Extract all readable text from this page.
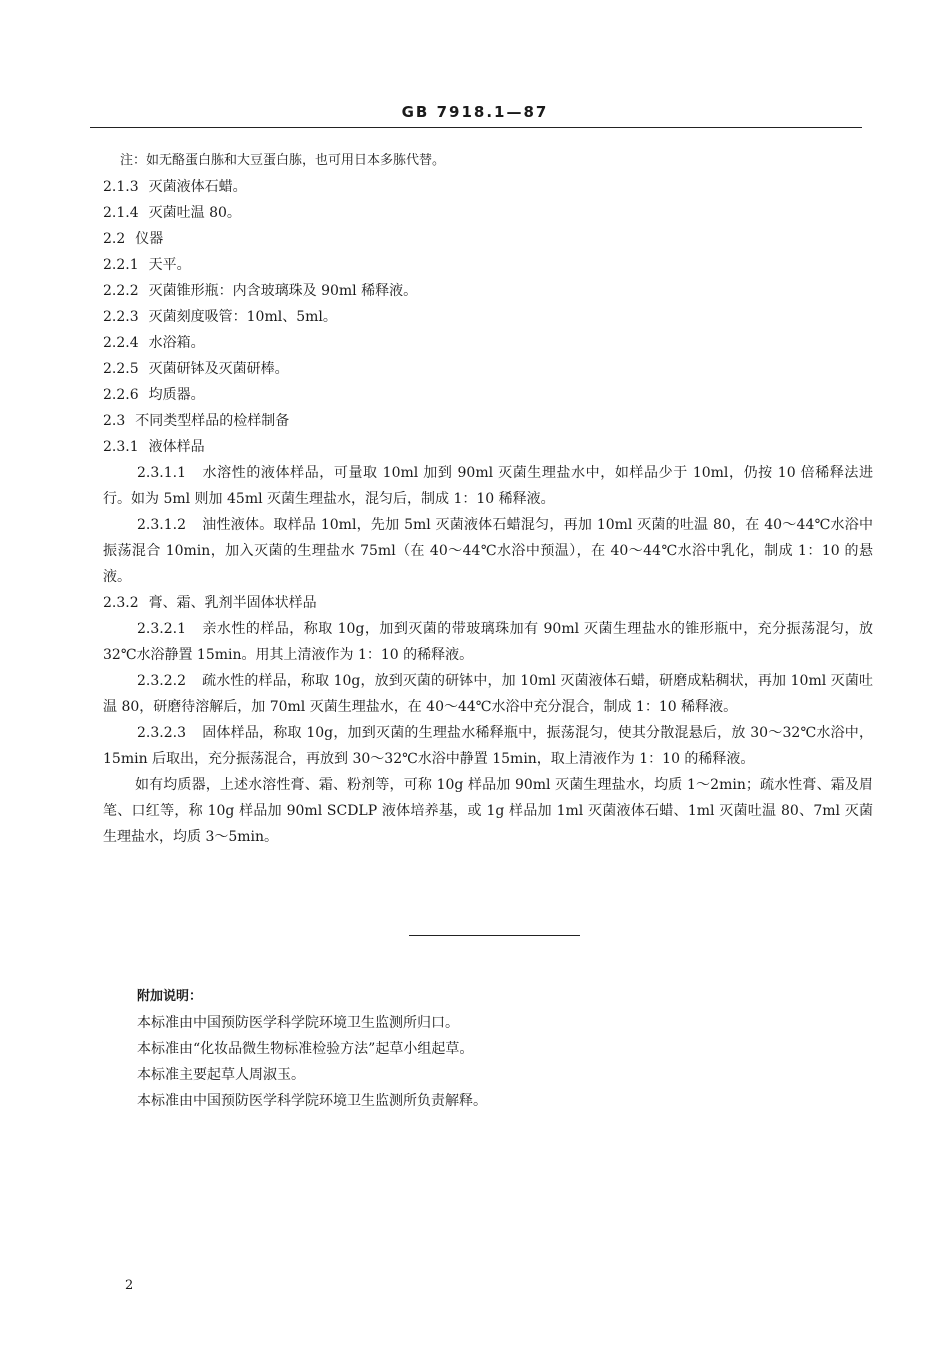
GB 7918.1—87
注：如无酪蛋白胨和大豆蛋白胨，也可用日本多胨代替。
2.1.3 灭菌液体石蜡。
2.1.4 灭菌吐温 80。
2.2 仪器
2.2.1 天平。
2.2.2 灭菌锥形瓶：内含玻璃珠及 90ml 稀释液。
2.2.3 灭菌刻度吸管：10ml、5ml。
2.2.4 水浴箱。
2.2.5 灭菌研钵及灭菌研棒。
2.2.6 均质器。
2.3 不同类型样品的检样制备
2.3.1 液体样品
2.3.1.1 水溶性的液体样品，可量取 10ml 加到 90ml 灭菌生理盐水中，如样品少于 10ml，仍按 10 倍稀释法进行。如为 5ml 则加 45ml 灭菌生理盐水，混匀后，制成 1：10 稀释液。
2.3.1.2 油性液体。取样品 10ml，先加 5ml 灭菌液体石蜡混匀，再加 10ml 灭菌的吐温 80，在 40～44℃水浴中振荡混合 10min，加入灭菌的生理盐水 75ml（在 40～44℃水浴中预温），在 40～44℃水浴中乳化，制成 1：10 的悬液。
2.3.2 膏、霜、乳剂半固体状样品
2.3.2.1 亲水性的样品，称取 10g，加到灭菌的带玻璃珠加有 90ml 灭菌生理盐水的锥形瓶中，充分振荡混匀，放 32℃水浴静置 15min。用其上清液作为 1：10 的稀释液。
2.3.2.2 疏水性的样品，称取 10g，放到灭菌的研钵中，加 10ml 灭菌液体石蜡，研磨成粘稠状，再加 10ml 灭菌吐温 80，研磨待溶解后，加 70ml 灭菌生理盐水，在 40～44℃水浴中充分混合，制成 1：10 稀释液。
2.3.2.3 固体样品，称取 10g，加到灭菌的生理盐水稀释瓶中，振荡混匀，使其分散混悬后，放 30～32℃水浴中，15min 后取出，充分振荡混合，再放到 30～32℃水浴中静置 15min，取上清液作为 1：10 的稀释液。
如有均质器，上述水溶性膏、霜、粉剂等，可称 10g 样品加 90ml 灭菌生理盐水，均质 1～2min；疏水性膏、霜及眉笔、口红等，称 10g 样品加 90ml SCDLP 液体培养基，或 1g 样品加 1ml 灭菌液体石蜡、1ml 灭菌吐温 80、7ml 灭菌生理盐水，均质 3～5min。
附加说明：
本标准由中国预防医学科学院环境卫生监测所归口。
本标准由“化妆品微生物标准检验方法”起草小组起草。
本标准主要起草人周淑玉。
本标准由中国预防医学科学院环境卫生监测所负责解释。
2
